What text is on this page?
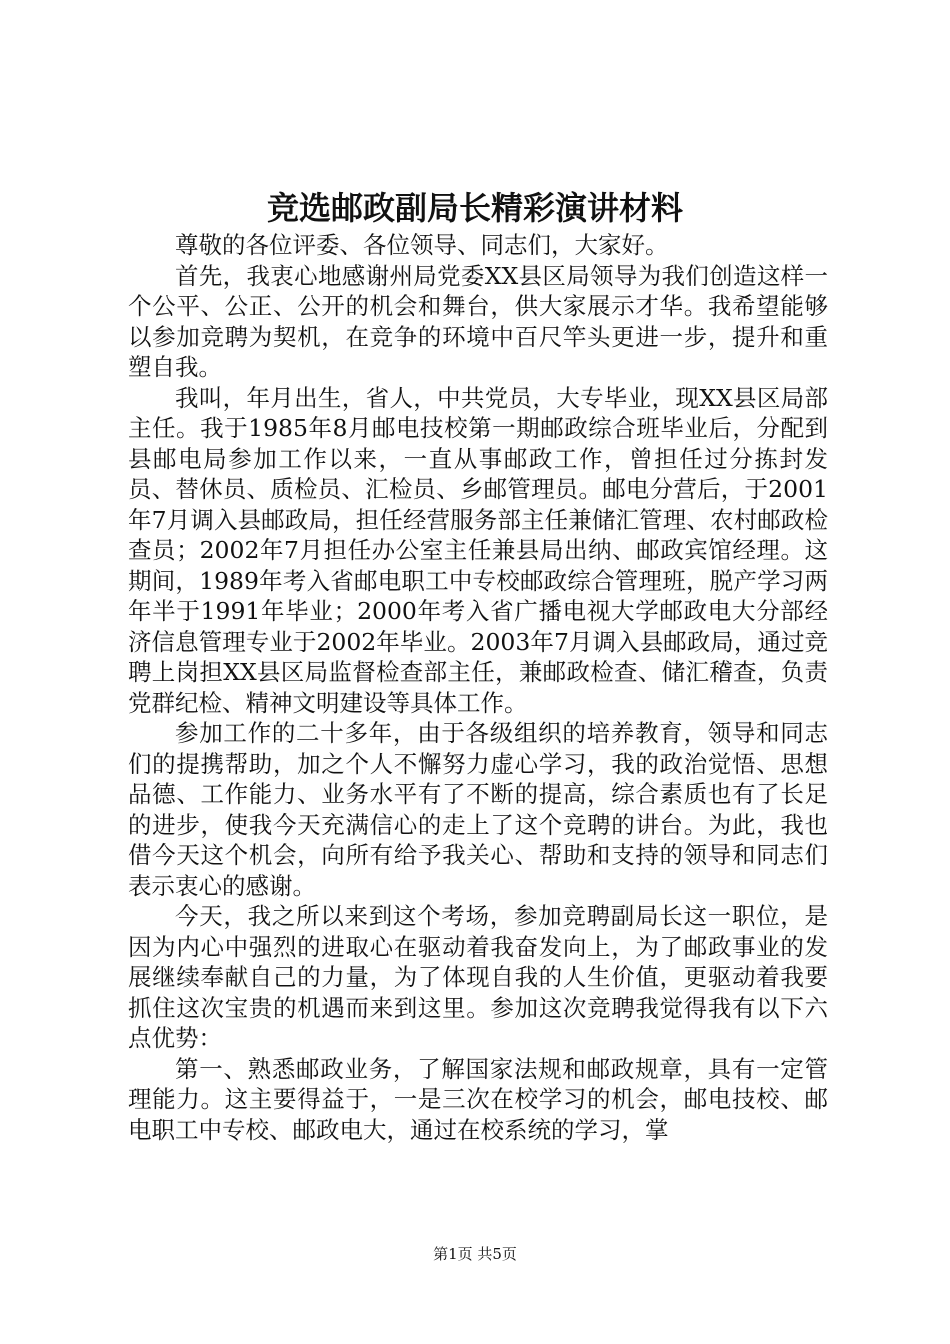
竞选邮政副局长精彩演讲材料

尊敬的各位评委、各位领导、同志们，大家好。

首先，我衷心地感谢州局党委XX县区局领导为我们创造这样一个公平、公正、公开的机会和舞台，供大家展示才华。我希望能够以参加竞聘为契机，在竞争的环境中百尺竿头更进一步，提升和重塑自我。

我叫，年月出生，省人，中共党员，大专毕业，现XX县区局部主任。我于1985年8月邮电技校第一期邮政综合班毕业后，分配到县邮电局参加工作以来，一直从事邮政工作，曾担任过分拣封发员、替休员、质检员、汇检员、乡邮管理员。邮电分营后，于2001年7月调入县邮政局，担任经营服务部主任兼储汇管理、农村邮政检查员；2002年7月担任办公室主任兼县局出纳、邮政宾馆经理。这期间，1989年考入省邮电职工中专校邮政综合管理班，脱产学习两年半于1991年毕业；2000年考入省广播电视大学邮政电大分部经济信息管理专业于2002年毕业。2003年7月调入县邮政局，通过竞聘上岗担XX县区局监督检查部主任，兼邮政检查、储汇稽查，负责党群纪检、精神文明建设等具体工作。

参加工作的二十多年，由于各级组织的培养教育，领导和同志们的提携帮助，加之个人不懈努力虚心学习，我的政治觉悟、思想品德、工作能力、业务水平有了不断的提高，综合素质也有了长足的进步，使我今天充满信心的走上了这个竞聘的讲台。为此，我也借今天这个机会，向所有给予我关心、帮助和支持的领导和同志们表示衷心的感谢。

今天，我之所以来到这个考场，参加竞聘副局长这一职位，是因为内心中强烈的进取心在驱动着我奋发向上，为了邮政事业的发展继续奉献自己的力量，为了体现自我的人生价值，更驱动着我要抓住这次宝贵的机遇而来到这里。参加这次竞聘我觉得我有以下六点优势：

第一、熟悉邮政业务，了解国家法规和邮政规章，具有一定管理能力。这主要得益于，一是三次在校学习的机会，邮电技校、邮电职工中专校、邮政电大，通过在校系统的学习，掌

第1页 共5页
